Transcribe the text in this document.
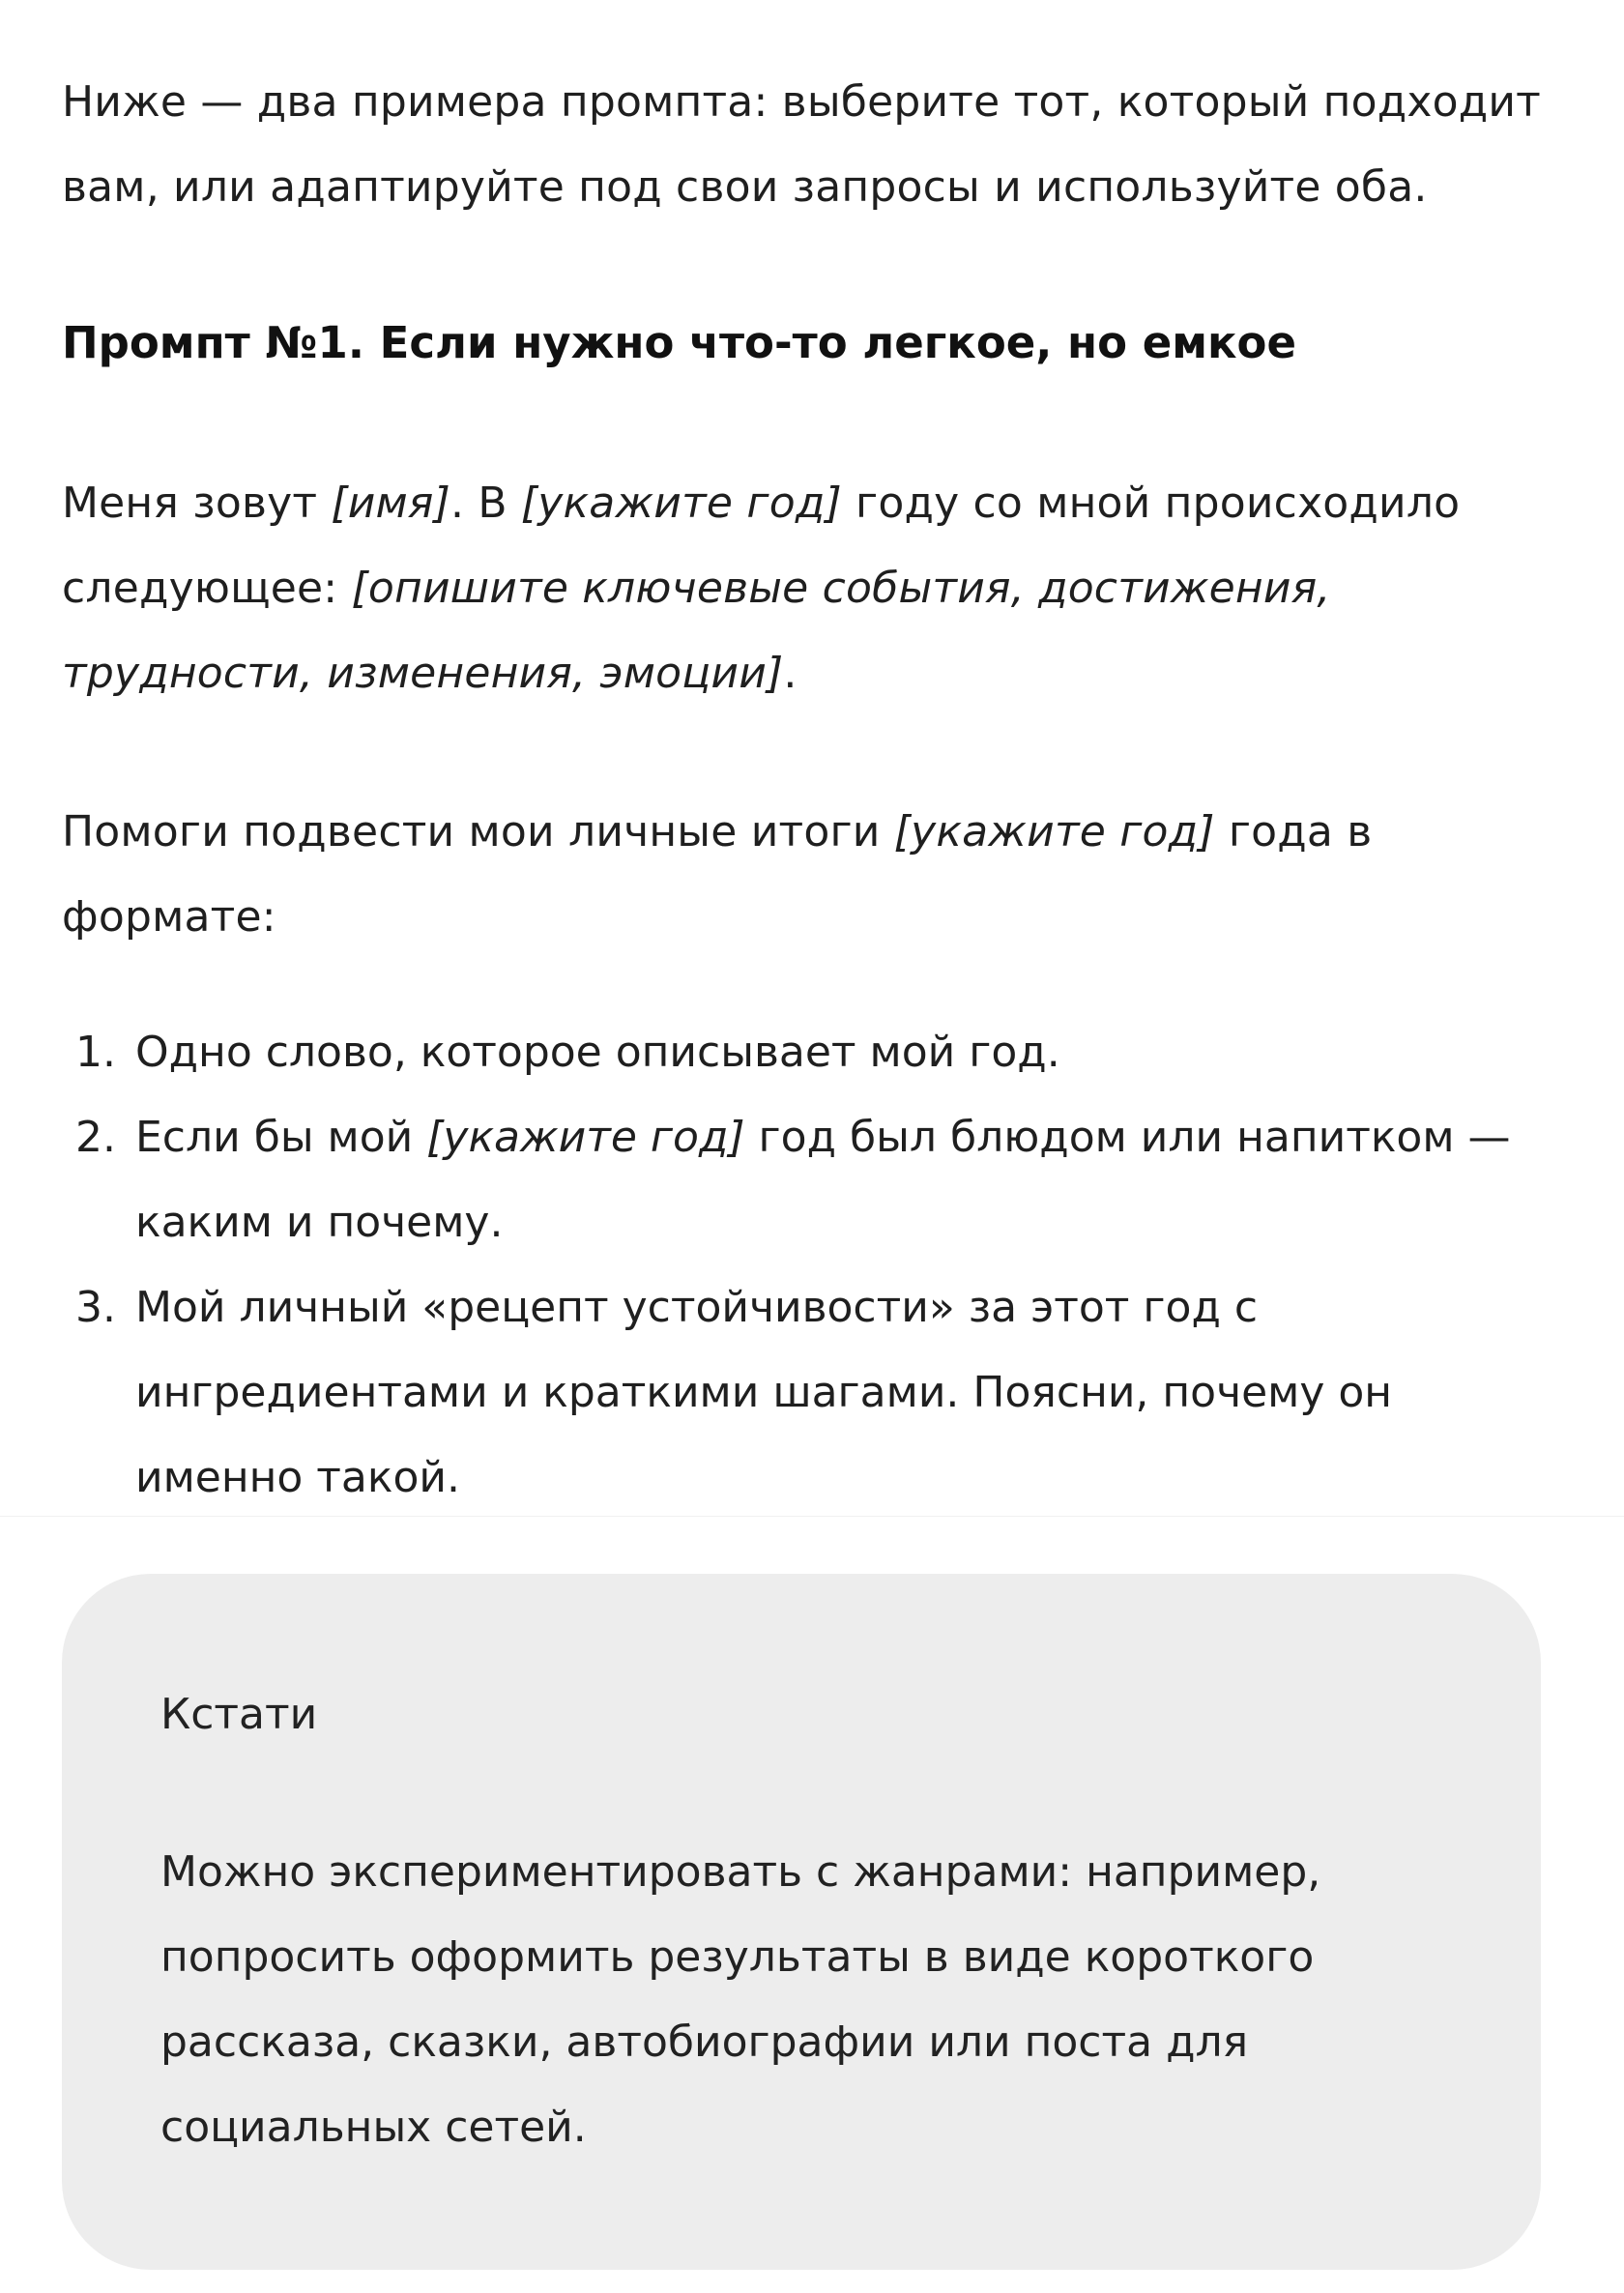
Ниже — два примера промпта: выберите тот, который подходит
вам, или адаптируйте под свои запросы и используйте оба.

Промпт №1. Если нужно что-то легкое, но емкое

Меня зовут [имя]. В [укажите год] году со мной происходило
следующее: [опишите ключевые события, достижения,
трудности, изменения, эмоции].

Помоги подвести мои личные итоги [укажите год] года в
формате:

1. Одно слово, которое описывает мой год.
2. Если бы мой [укажите год] год был блюдом или напитком —
каким и почему.
3. Мой личный «рецепт устойчивости» за этот год с
ингредиентами и краткими шагами. Поясни, почему он
именно такой.
Кстати

Можно экспериментировать с жанрами: например,
попросить оформить результаты в виде короткого
рассказа, сказки, автобиографии или поста для
социальных сетей.
